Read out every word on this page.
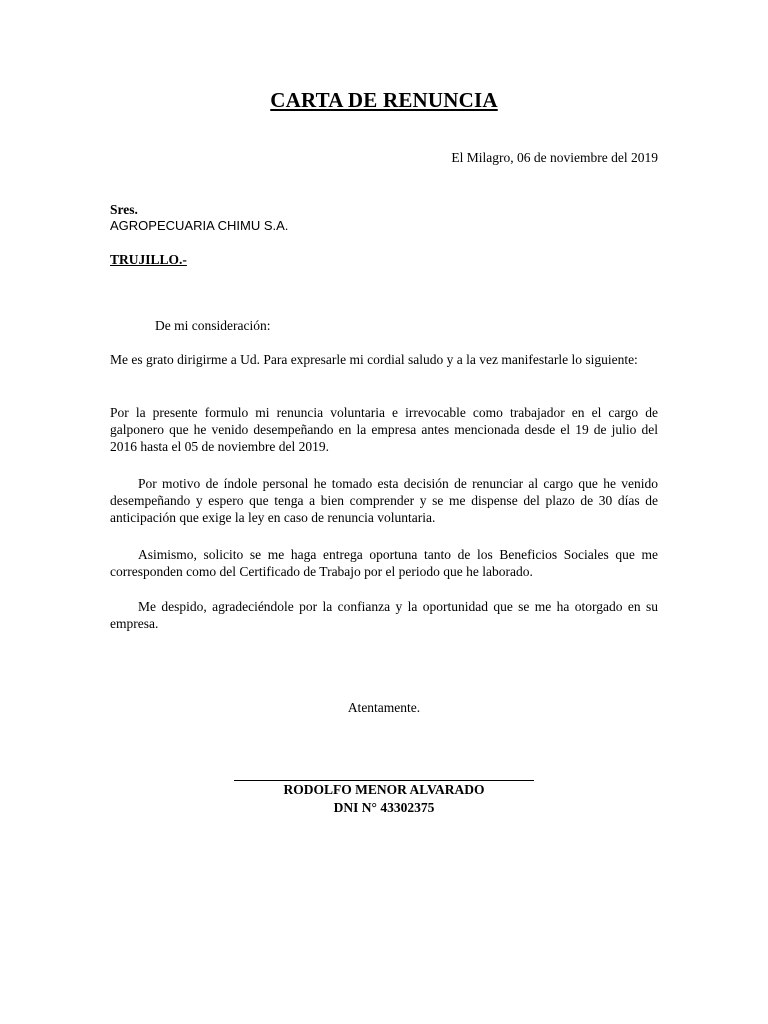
CARTA DE RENUNCIA
El Milagro, 06 de noviembre del 2019
Sres.
AGROPECUARIA CHIMU S.A.
TRUJILLO.-
De mi consideración:
Me es grato dirigirme a Ud. Para expresarle mi cordial saludo y a la vez manifestarle lo siguiente:
Por la presente formulo mi renuncia voluntaria e irrevocable como trabajador en el cargo de galponero que he venido desempeñando en la empresa antes mencionada desde el 19 de julio del 2016 hasta el 05 de noviembre del 2019.
Por motivo de índole personal he tomado esta decisión de renunciar al cargo que he venido desempeñando y espero que tenga a bien comprender y se me dispense del plazo de 30 días de anticipación que exige la ley en caso de renuncia voluntaria.
Asimismo, solicito se me haga entrega oportuna tanto de los Beneficios Sociales que me corresponden como del Certificado de Trabajo por el periodo que he laborado.
Me despido, agradeciéndole por la confianza y la oportunidad que se me ha otorgado en su empresa.
Atentamente.
RODOLFO MENOR ALVARADO
DNI N° 43302375
